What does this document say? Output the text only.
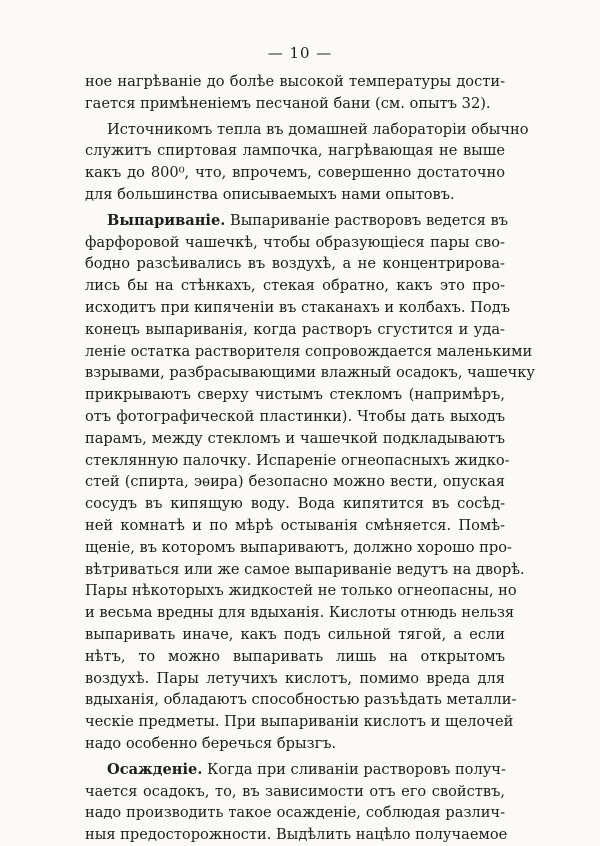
— 10 —

ное нагрѣваніе до болѣе высокой температуры дости-
гается примѣненіемъ песчаной бани (см. опытъ 32).

Источникомъ тепла въ домашней лабораторіи обычно
служитъ спиртовая лампочка, нагрѣвающая не выше
какъ до 800⁰, что, впрочемъ, совершенно достаточно
для большинства описываемыхъ нами опытовъ.

Выпариваніе. Выпариваніе растворовъ ведется въ
фарфоровой чашечкѣ, чтобы образующіеся пары сво-
бодно разсѣивались въ воздухѣ, а не концентрирова-
лись бы на стѣнкахъ, стекая обратно, какъ это про-
исходитъ при кипяченіи въ стаканахъ и колбахъ. Подъ
конецъ выпариванія, когда растворъ сгустится и уда-
леніе остатка растворителя сопровождается маленькими
взрывами, разбрасывающими влажный осадокъ, чашечку
прикрываютъ сверху чистымъ стекломъ (напримѣръ,
отъ фотографической пластинки). Чтобы дать выходъ
парамъ, между стекломъ и чашечкой подкладываютъ
стеклянную палочку. Испареніе огнеопасныхъ жидко-
стей (спирта, эѳира) безопасно можно вести, опуская
сосудъ въ кипящую воду. Вода кипятится въ сосѣд-
ней комнатѣ и по мѣрѣ остыванія смѣняется. Помѣ-
щеніе, въ которомъ выпариваютъ, должно хорошо про-
вѣтриваться или же самое выпариваніе ведутъ на дворѣ.
Пары нѣкоторыхъ жидкостей не только огнеопасны, но
и весьма вредны для вдыханія. Кислоты отнюдь нельзя
выпаривать иначе, какъ подъ сильной тягой, а если
нѣтъ, то можно выпаривать лишь на открытомъ
воздухѣ. Пары летучихъ кислотъ, помимо вреда для
вдыханія, обладаютъ способностью разъѣдать металли-
ческіе предметы. При выпариваніи кислотъ и щелочей
надо особенно беречься брызгъ.

Осажденіе. Когда при сливаніи растворовъ получ-
чается осадокъ, то, въ зависимости отъ его свойствъ,
надо производить такое осажденіе, соблюдая различ-
ныя предосторожности. Выдѣлить нацѣло получаемое
